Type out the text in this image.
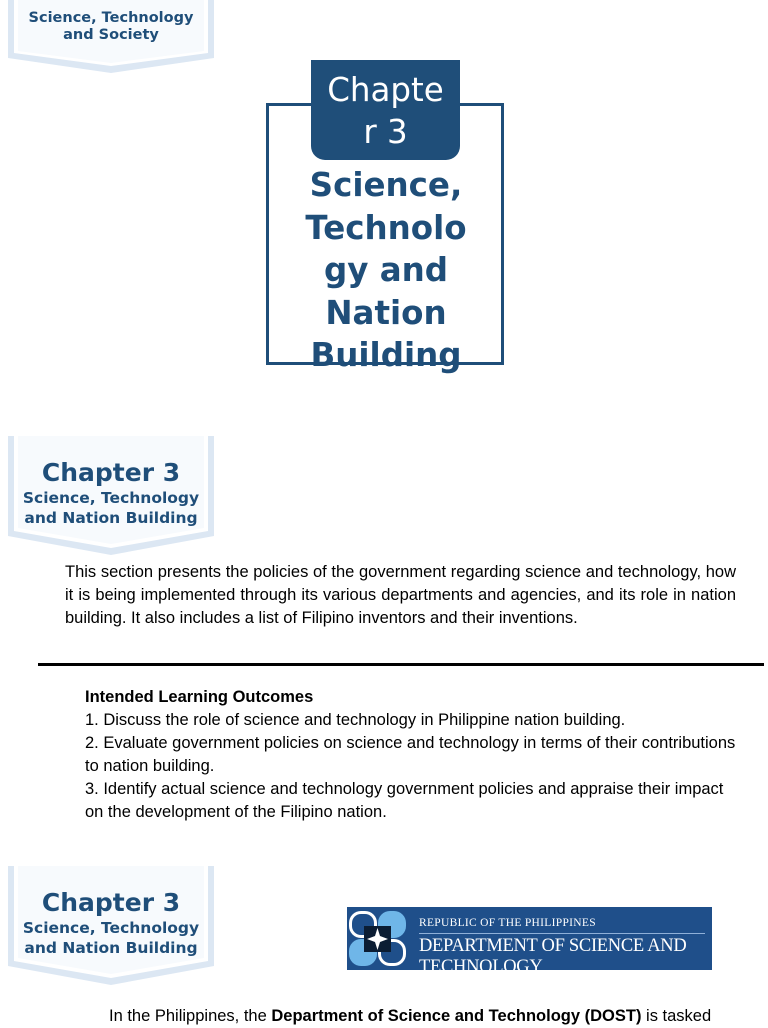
Science, Technology
and Society
Chapte
r 3
Science,
Technolo
gy and
Nation
Building
Chapter 3
Science, Technology
and Nation Building
This section presents the policies of the government regarding science and technology, how it is being implemented through its various departments and agencies, and its role in nation building. It also includes a list of Filipino inventors and their inventions.
Intended Learning Outcomes
1. Discuss the role of science and technology in Philippine nation building.
2. Evaluate government policies on science and technology in terms of their contributions to nation building.
3. Identify actual science and technology government policies and appraise their impact on the development of the Filipino nation.
Chapter 3
Science, Technology
and Nation Building
REPUBLIC OF THE PHILIPPINES
DEPARTMENT OF SCIENCE AND TECHNOLOGY
In the Philippines, the Department of Science and Technology (DOST) is tasked
